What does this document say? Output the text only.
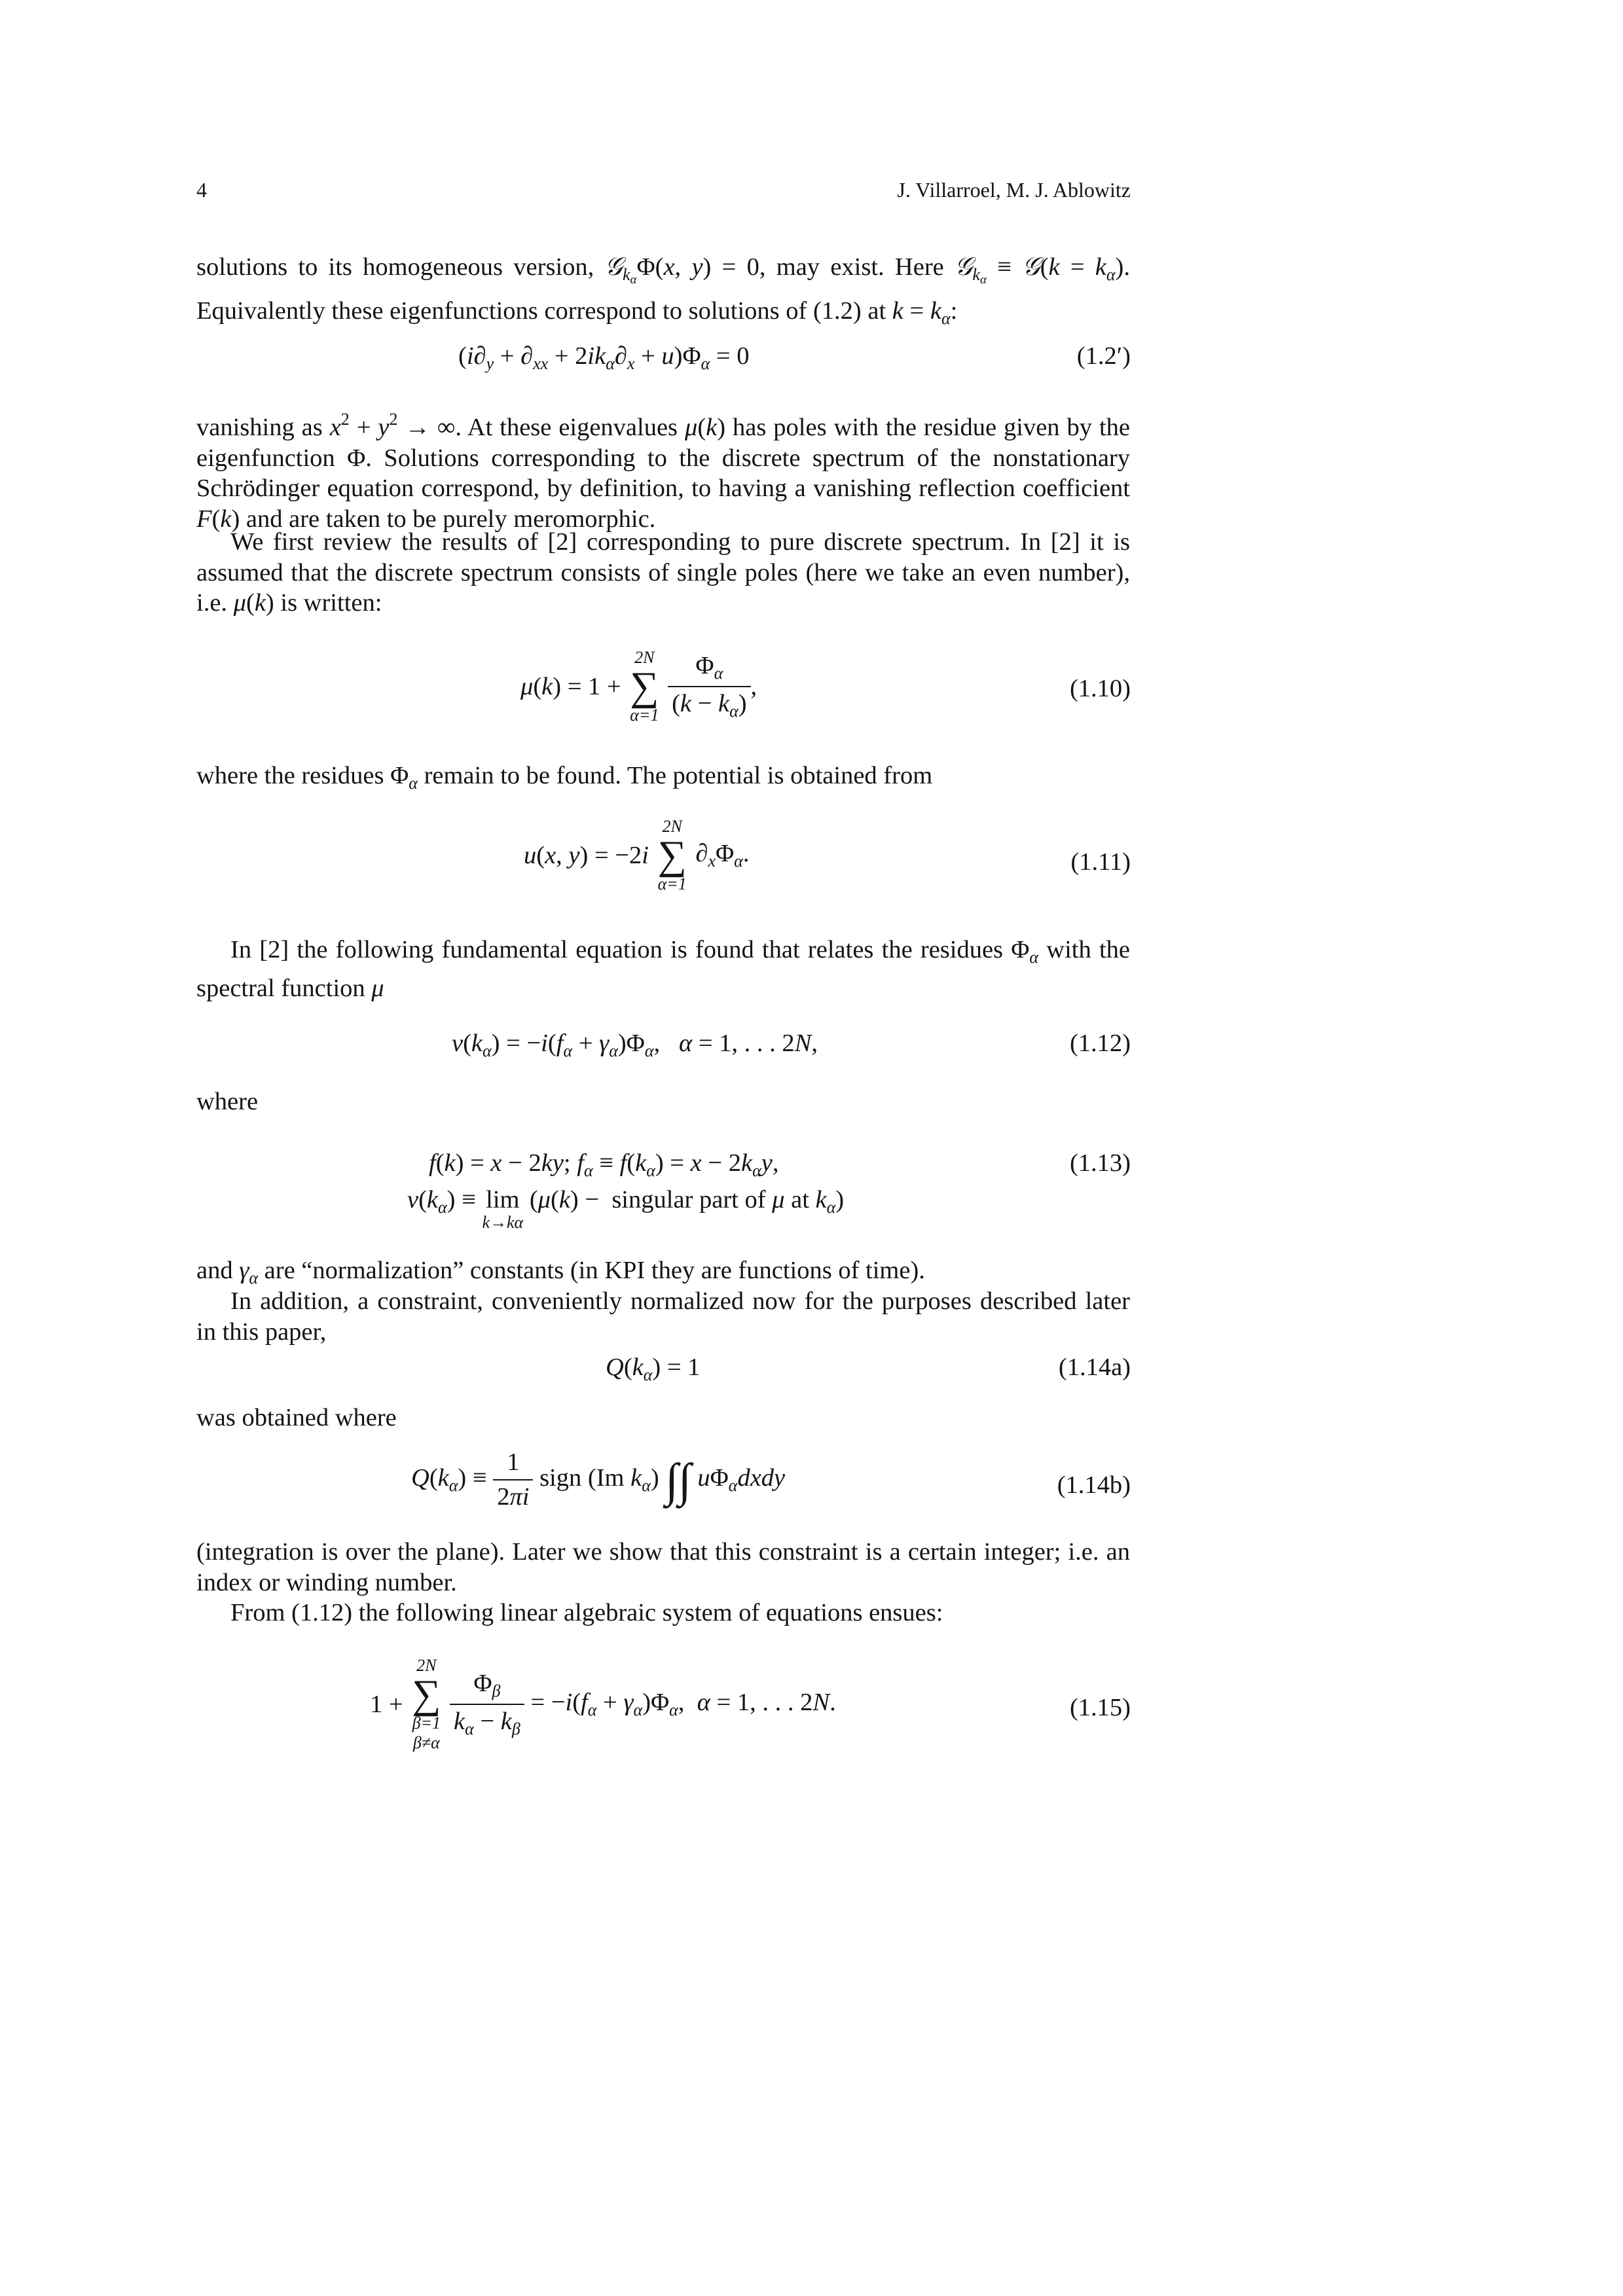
4	J. Villarroel, M. J. Ablowitz

solutions to its homogeneous version, 𝒢$_{k\alpha}$Φ(x, y) = 0, may exist. Here 𝒢$_{k\alpha}$ ≡ 𝒢(k = $k_\alpha$). Equivalently these eigenfunctions correspond to solutions of (1.2) at $k = k_\alpha$:

$(i\partial_y + \partial_{xx} + 2ik_\alpha\partial_x + u)\Phi_\alpha = 0$	(1.2′)

vanishing as $x^2 + y^2$ → ∞. At these eigenvalues μ(k) has poles with the residue given by the eigenfunction Φ. Solutions corresponding to the discrete spectrum of the nonstationary Schrödinger equation correspond, by definition, to having a vanishing reflection coefficient F(k) and are taken to be purely meromorphic.

We first review the results of [2] corresponding to pure discrete spectrum. In [2] it is assumed that the discrete spectrum consists of single poles (here we take an even number), i.e. μ(k) is written:

μ(k) = 1 +
2N
∑
α=1
$\frac{\Phi_\alpha}{(k - k_\alpha)}$ ,	(1.10)

where the residues $\Phi_\alpha$ remain to be found. The potential is obtained from

u(x, y) = −2i
2N
∑
α=1
$\partial_x\Phi_\alpha$.	(1.11)

In [2] the following fundamental equation is found that relates the residues $\Phi_\alpha$ with the spectral function μ

$\nu(k_\alpha) = -i(f_\alpha + \gamma_\alpha)\Phi_\alpha$,   α = 1, . . . 2N,	(1.12)
where
f(k) = x − 2ky; $f_\alpha \equiv f(k_\alpha) = x - 2k_\alpha y$,	(1.13)
$\nu(k_\alpha) \equiv \lim$
k→kα
(μ(k) −  singular part of μ at $k_\alpha$)

and $\gamma_\alpha$ are “normalization” constants (in KPI they are functions of time).

In addition, a constraint, conveniently normalized now for the purposes described later in this paper,

$Q(k_\alpha) = 1$	(1.14a)
was obtained where
$Q(k_\alpha) \equiv \frac{1}{2\pi i}$ sign (Im $k_\alpha$) ∫∫ $u\Phi_\alpha dxdy$	(1.14b)

(integration is over the plane). Later we show that this constraint is a certain integer; i.e. an index or winding number.

From (1.12) the following linear algebraic system of equations ensues:

1 +
2N
∑
β=1
β≠α

$\frac{\Phi_\beta}{k_\alpha - k_\beta} = -i(f_\alpha + \gamma_\alpha)\Phi_\alpha$,  α = 1, . . . 2N.	(1.15)
